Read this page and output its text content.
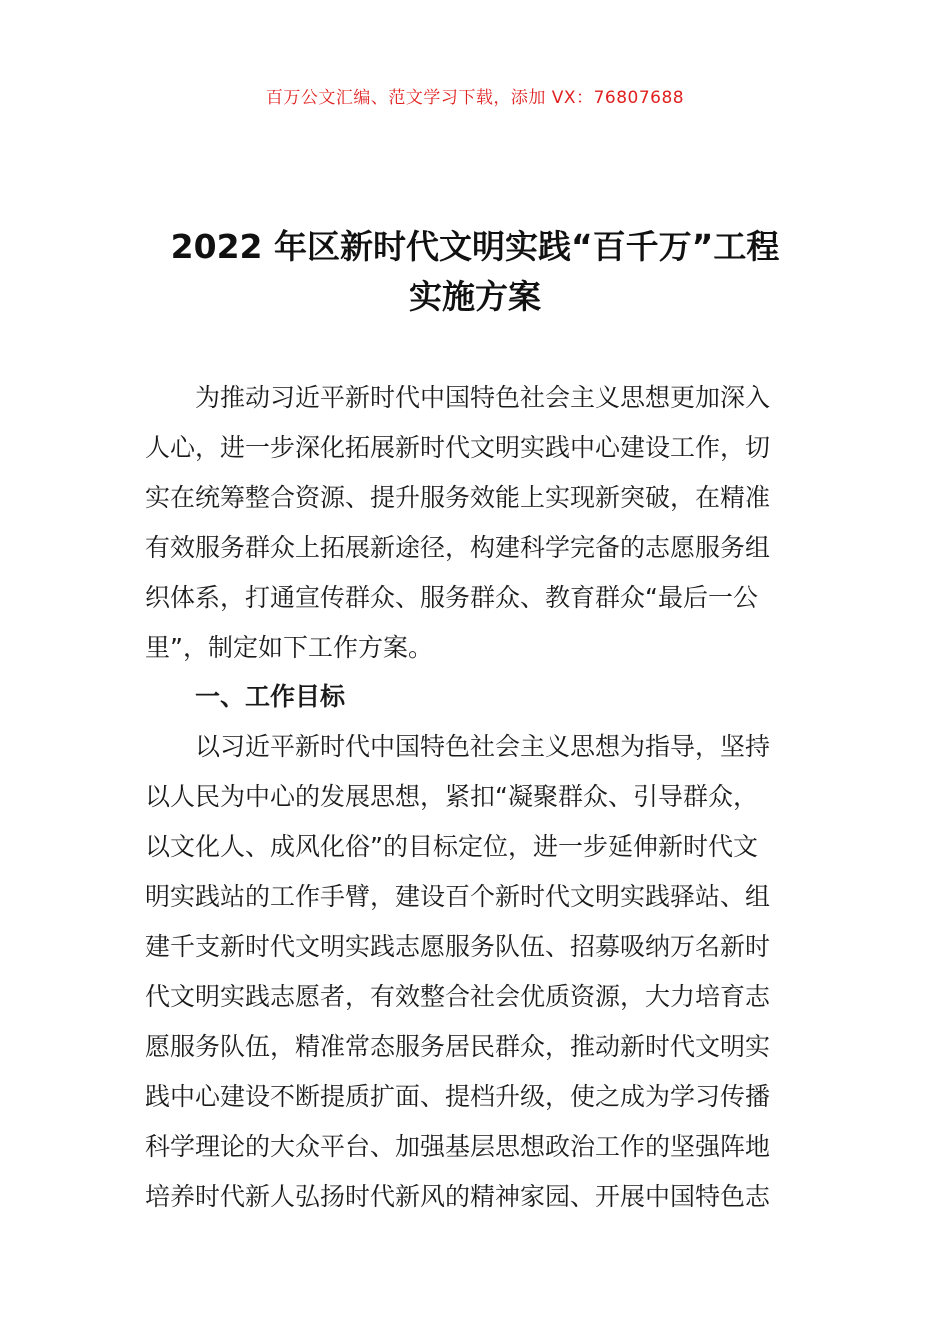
百万公文汇编、范文学习下载，添加 VX：76807688
2022 年区新时代文明实践“百千万”工程
实施方案
为推动习近平新时代中国特色社会主义思想更加深入
人心，进一步深化拓展新时代文明实践中心建设工作，切
实在统筹整合资源、提升服务效能上实现新突破，在精准
有效服务群众上拓展新途径，构建科学完备的志愿服务组
织体系，打通宣传群众、服务群众、教育群众“最后一公
里”，制定如下工作方案。
一、工作目标
以习近平新时代中国特色社会主义思想为指导，坚持
以人民为中心的发展思想，紧扣“凝聚群众、引导群众，
以文化人、成风化俗”的目标定位，进一步延伸新时代文
明实践站的工作手臂，建设百个新时代文明实践驿站、组
建千支新时代文明实践志愿服务队伍、招募吸纳万名新时
代文明实践志愿者，有效整合社会优质资源，大力培育志
愿服务队伍，精准常态服务居民群众，推动新时代文明实
践中心建设不断提质扩面、提档升级，使之成为学习传播
科学理论的大众平台、加强基层思想政治工作的坚强阵地
培养时代新人弘扬时代新风的精神家园、开展中国特色志
